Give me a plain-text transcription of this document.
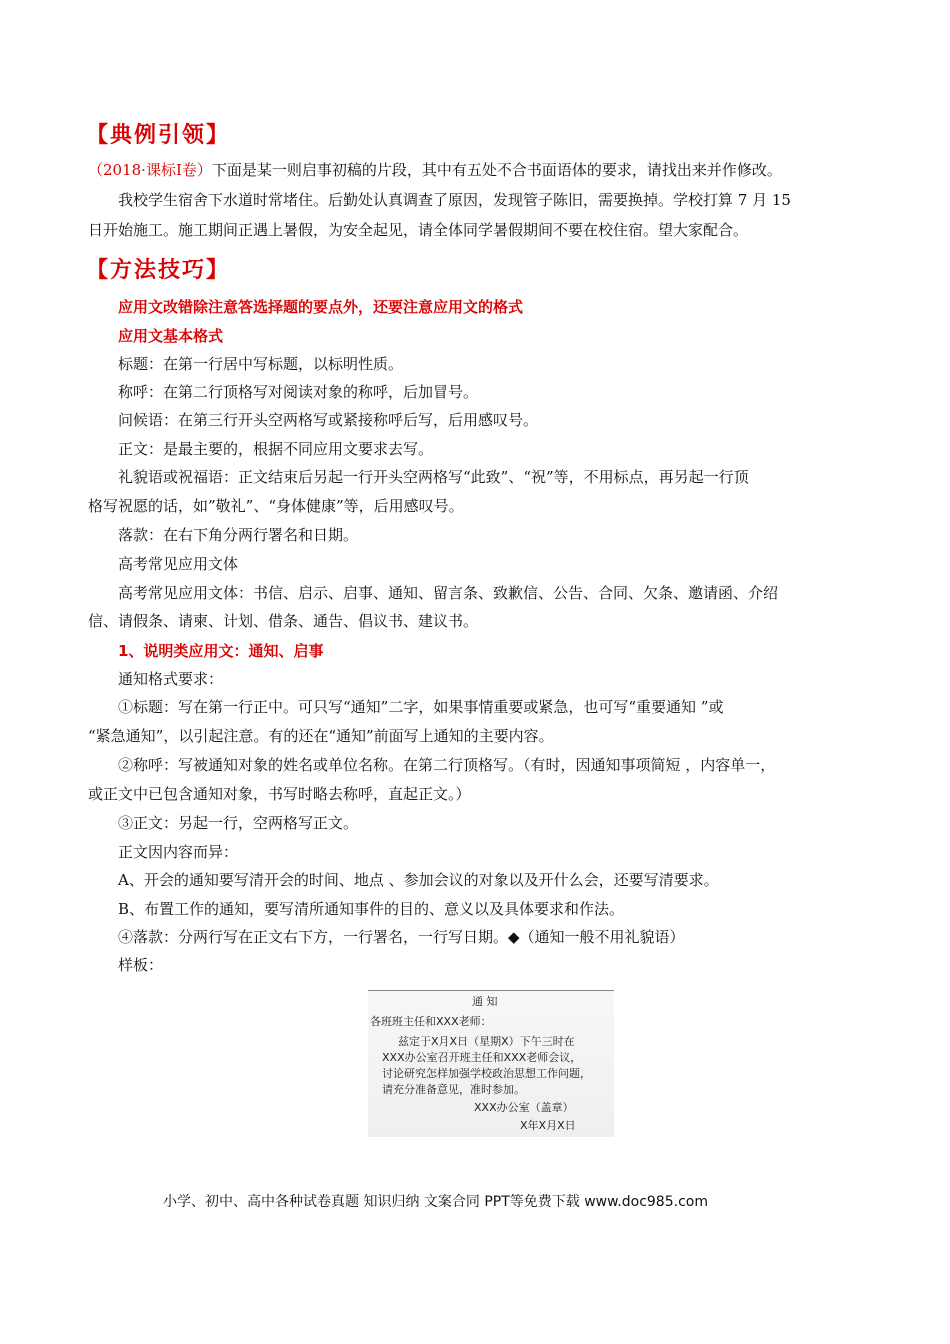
【典例引领】
（2018·课标Ⅰ卷）下面是某一则启事初稿的片段，其中有五处不合书面语体的要求，请找出来并作修改。
我校学生宿舍下水道时常堵住。后勤处认真调查了原因，发现管子陈旧，需要换掉。学校打算 7 月 15
日开始施工。施工期间正遇上暑假，为安全起见，请全体同学暑假期间不要在校住宿。望大家配合。
【方法技巧】
应用文改错除注意答选择题的要点外，还要注意应用文的格式
应用文基本格式
标题：在第一行居中写标题，以标明性质。
称呼：在第二行顶格写对阅读对象的称呼，后加冒号。
问候语：在第三行开头空两格写或紧接称呼后写，后用感叹号。
正文：是最主要的，根据不同应用文要求去写。
礼貌语或祝福语：正文结束后另起一行开头空两格写“此致”、“祝”等，不用标点，再另起一行顶
格写祝愿的话，如”敬礼”、“身体健康”等，后用感叹号。
落款：在右下角分两行署名和日期。
高考常见应用文体
高考常见应用文体：书信、启示、启事、通知、留言条、致歉信、公告、合同、欠条、邀请函、介绍
信、请假条、请柬、计划、借条、通告、倡议书、建议书。
1、说明类应用文：通知、启事
通知格式要求：
①标题：写在第一行正中。可只写“通知”二字，如果事情重要或紧急，也可写“重要通知 ”或
“紧急通知”，以引起注意。有的还在“通知”前面写上通知的主要内容。
②称呼：写被通知对象的姓名或单位名称。在第二行顶格写。（有时，因通知事项简短 ，内容单一，
或正文中已包含通知对象，书写时略去称呼，直起正文。）
③正文：另起一行，空两格写正文。
正文因内容而异：
A、开会的通知要写清开会的时间、地点 、参加会议的对象以及开什么会，还要写清要求。
B、布置工作的通知，要写清所通知事件的目的、意义以及具体要求和作法。
④落款：分两行写在正文右下方，一行署名，一行写日期。◆（通知一般不用礼貌语）
样板：
通 知
各班班主任和XXX老师：
兹定于X月X日（星期X）下午三时在
XXX办公室召开班主任和XXX老师会议，
讨论研究怎样加强学校政治思想工作问题，
请充分准备意见，准时参加。
XXX办公室（盖章）
X年X月X日
小学、初中、高中各种试卷真题 知识归纳 文案合同 PPT等免费下载 www.doc985.com
